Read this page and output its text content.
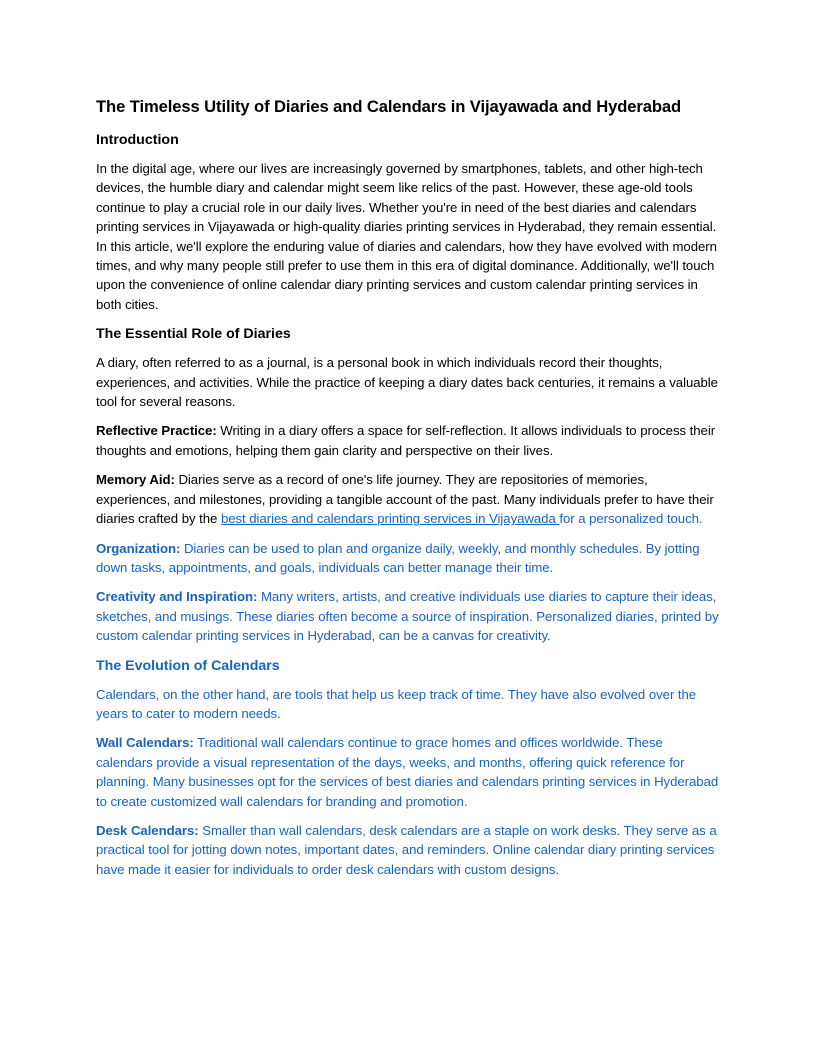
The Timeless Utility of Diaries and Calendars in Vijayawada and Hyderabad
Introduction

In the digital age, where our lives are increasingly governed by smartphones, tablets, and other high-tech devices, the humble diary and calendar might seem like relics of the past. However, these age-old tools continue to play a crucial role in our daily lives. Whether you're in need of the best diaries and calendars printing services in Vijayawada or high-quality diaries printing services in Hyderabad, they remain essential. In this article, we'll explore the enduring value of diaries and calendars, how they have evolved with modern times, and why many people still prefer to use them in this era of digital dominance. Additionally, we'll touch upon the convenience of online calendar diary printing services and custom calendar printing services in both cities.

The Essential Role of Diaries

A diary, often referred to as a journal, is a personal book in which individuals record their thoughts, experiences, and activities. While the practice of keeping a diary dates back centuries, it remains a valuable tool for several reasons.

Reflective Practice: Writing in a diary offers a space for self-reflection. It allows individuals to process their thoughts and emotions, helping them gain clarity and perspective on their lives.

Memory Aid: Diaries serve as a record of one's life journey. They are repositories of memories, experiences, and milestones, providing a tangible account of the past. Many individuals prefer to have their diaries crafted by the best diaries and calendars printing services in Vijayawada for a personalized touch.

Organization: Diaries can be used to plan and organize daily, weekly, and monthly schedules. By jotting down tasks, appointments, and goals, individuals can better manage their time.

Creativity and Inspiration: Many writers, artists, and creative individuals use diaries to capture their ideas, sketches, and musings. These diaries often become a source of inspiration. Personalized diaries, printed by custom calendar printing services in Hyderabad, can be a canvas for creativity.

The Evolution of Calendars

Calendars, on the other hand, are tools that help us keep track of time. They have also evolved over the  years to cater to modern needs.

Wall Calendars: Traditional wall calendars continue to grace homes and offices worldwide. These calendars provide a visual representation of the days, weeks, and months, offering quick reference for planning. Many businesses opt for the services of best diaries and calendars printing services in Hyderabad to create customized wall calendars for branding and promotion.

Desk Calendars: Smaller than wall calendars, desk calendars are a staple on work desks. They serve as a practical tool for jotting down notes, important dates, and reminders. Online calendar diary printing services have made it easier for individuals to order desk calendars with custom designs.
